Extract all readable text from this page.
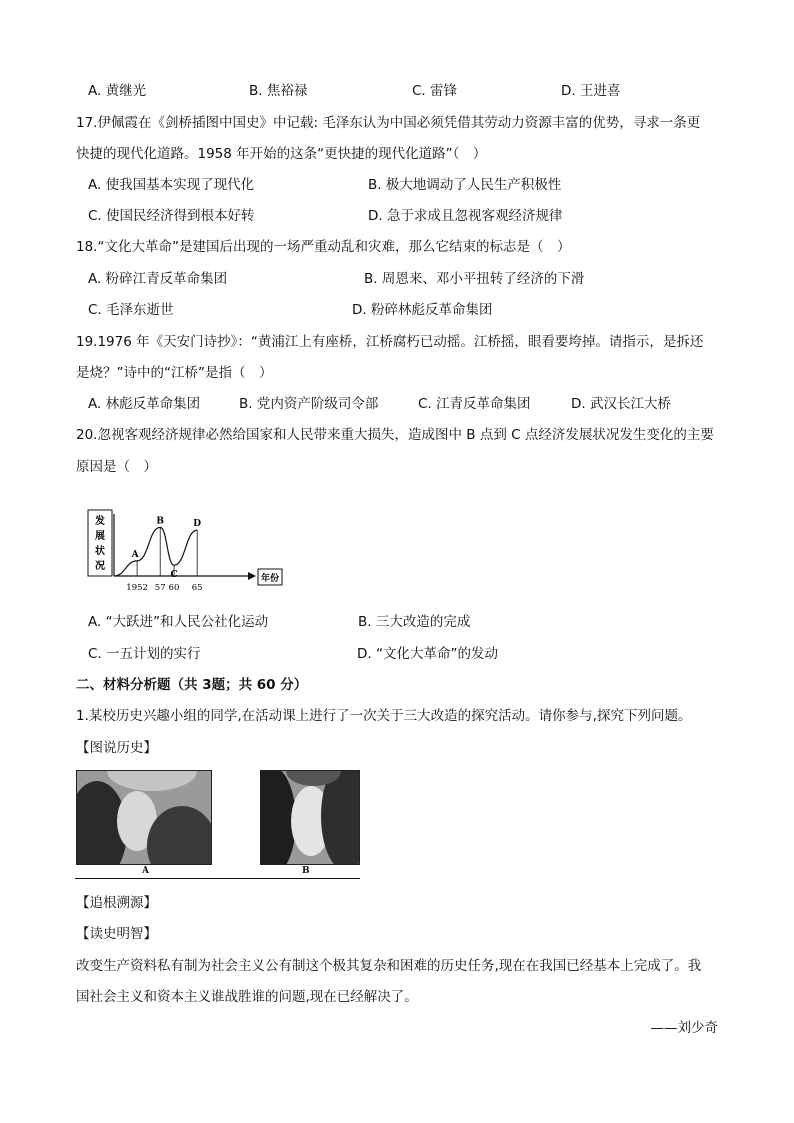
A. 黄继光	B. 焦裕禄	C. 雷锋	D. 王进喜
17.伊佩霞在《剑桥插图中国史》中记载: 毛泽东认为中国必须凭借其劳动力资源丰富的优势，寻求一条更
快捷的现代化道路。1958 年开始的这条“更快捷的现代化道路”（　）
A. 使我国基本实现了现代化	B. 极大地调动了人民生产积极性
C. 使国民经济得到根本好转	D. 急于求成且忽视客观经济规律
18.“文化大革命”是建国后出现的一场严重动乱和灾难，那么它结束的标志是（　）
A. 粉碎江青反革命集团	B. 周恩来、邓小平扭转了经济的下滑
C. 毛泽东逝世	D. 粉碎林彪反革命集团
19.1976 年《天安门诗抄》：“黄浦江上有座桥，江桥腐朽已动摇。江桥摇，眼看要垮掉。请指示，是拆还
是烧？”诗中的“江桥”是指（　）
A. 林彪反革命集团	B. 党内资产阶级司令部	C. 江青反革命集团	D. 武汉长江大桥
20.忽视客观经济规律必然给国家和人民带来重大损失，造成图中 B 点到 C 点经济发展状况发生变化的主要
原因是（　）
发
展
状
况
年份
A
B
C
D
1952 57 60 65
A. “大跃进”和人民公社化运动	B. 三大改造的完成
C. 一五计划的实行	D. “文化大革命”的发动
二、材料分析题（共 3题；共 60 分）
1.某校历史兴趣小组的同学,在活动课上进行了一次关于三大改造的探究活动。请你参与,探究下列问题。
【图说历史】
A	B
【追根溯源】
【读史明智】
改变生产资料私有制为社会主义公有制这个极其复杂和困难的历史任务,现在在我国已经基本上完成了。我
国社会主义和资本主义谁战胜谁的问题,现在已经解决了。
——刘少奇
